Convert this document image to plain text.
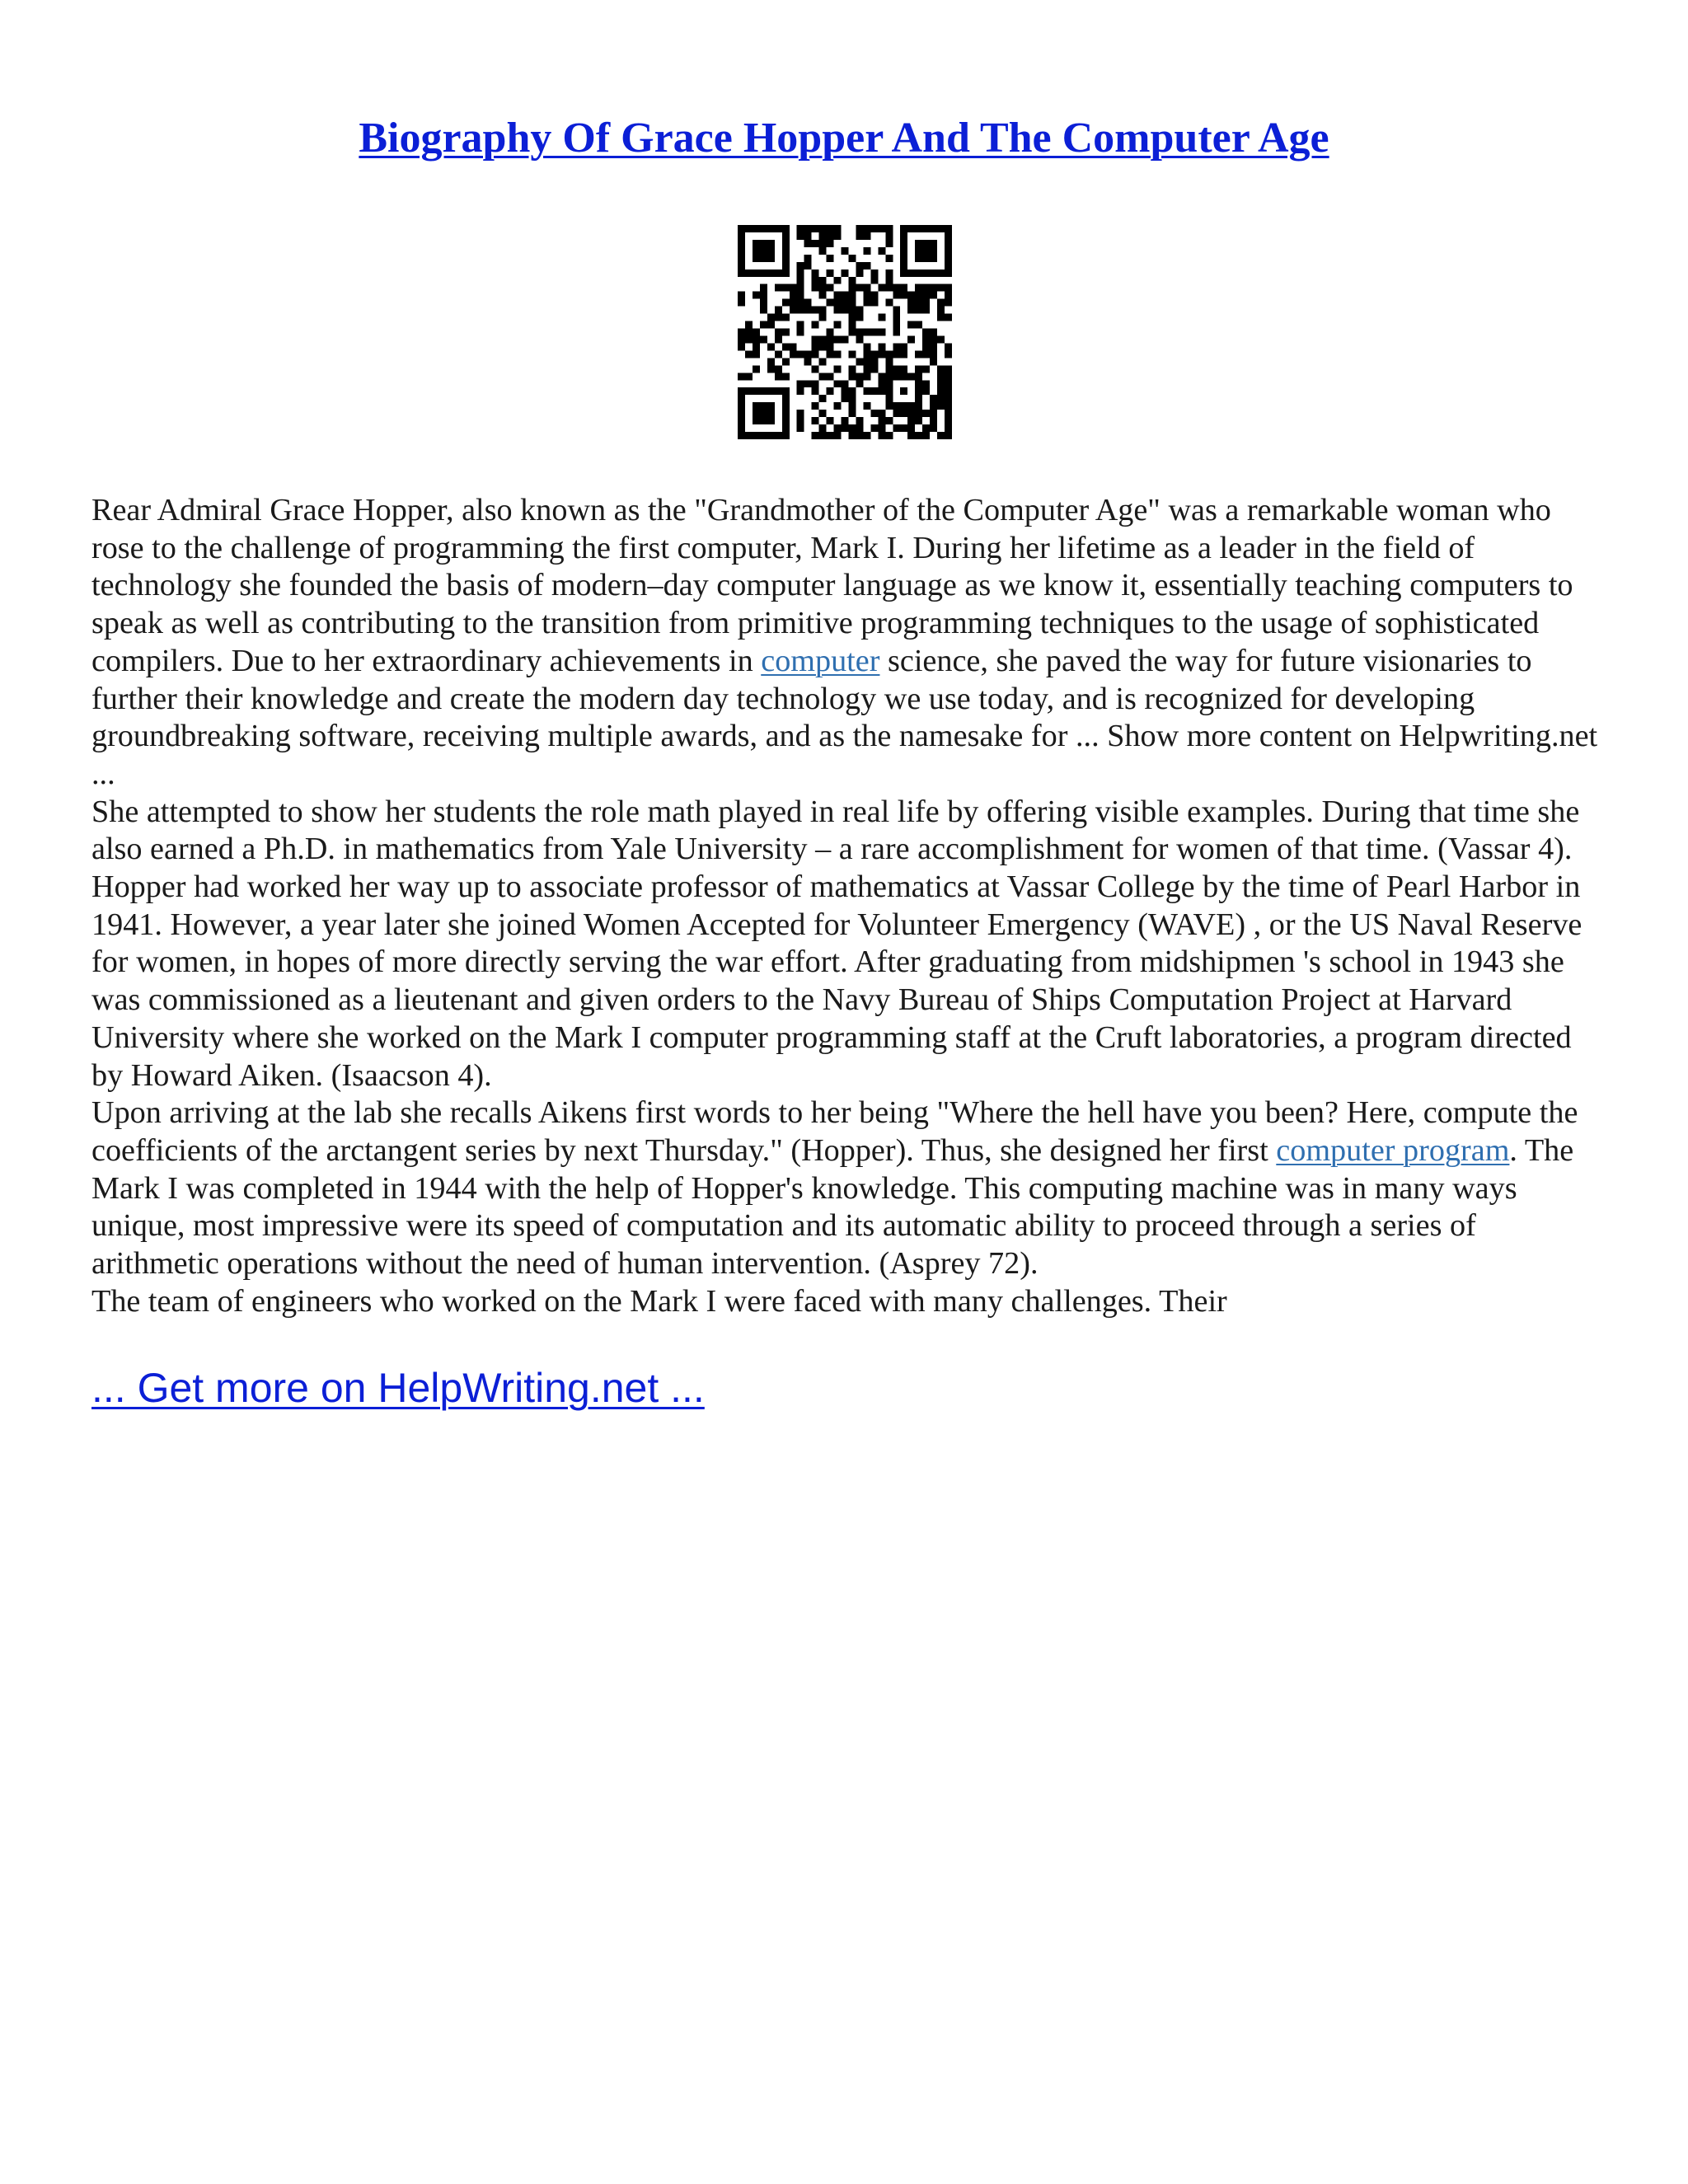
Biography Of Grace Hopper And The Computer Age

Rear Admiral Grace Hopper, also known as the "Grandmother of the Computer Age" was a remarkable woman who rose to the challenge of programming the first computer, Mark I. During her lifetime as a leader in the field of technology she founded the basis of modern–day computer language as we know it, essentially teaching computers to speak as well as contributing to the transition from primitive programming techniques to the usage of sophisticated compilers. Due to her extraordinary achievements in computer science, she paved the way for future visionaries to further their knowledge and create the modern day technology we use today, and is recognized for developing groundbreaking software, receiving multiple awards, and as the namesake for ... Show more content on Helpwriting.net ...

She attempted to show her students the role math played in real life by offering visible examples. During that time she also earned a Ph.D. in mathematics from Yale University – a rare accomplishment for women of that time. (Vassar 4). Hopper had worked her way up to associate professor of mathematics at Vassar College by the time of Pearl Harbor in 1941. However, a year later she joined Women Accepted for Volunteer Emergency (WAVE) , or the US Naval Reserve for women, in hopes of more directly serving the war effort. After graduating from midshipmen 's school in 1943 she was commissioned as a lieutenant and given orders to the Navy Bureau of Ships Computation Project at Harvard University where she worked on the Mark I computer programming staff at the Cruft laboratories, a program directed by Howard Aiken. (Isaacson 4).

Upon arriving at the lab she recalls Aikens first words to her being "Where the hell have you been? Here, compute the coefficients of the arctangent series by next Thursday." (Hopper). Thus, she designed her first computer program. The Mark I was completed in 1944 with the help of Hopper's knowledge. This computing machine was in many ways unique, most impressive were its speed of computation and its automatic ability to proceed through a series of arithmetic operations without the need of human intervention. (Asprey 72).

The team of engineers who worked on the Mark I were faced with many challenges. Their

... Get more on HelpWriting.net ...
